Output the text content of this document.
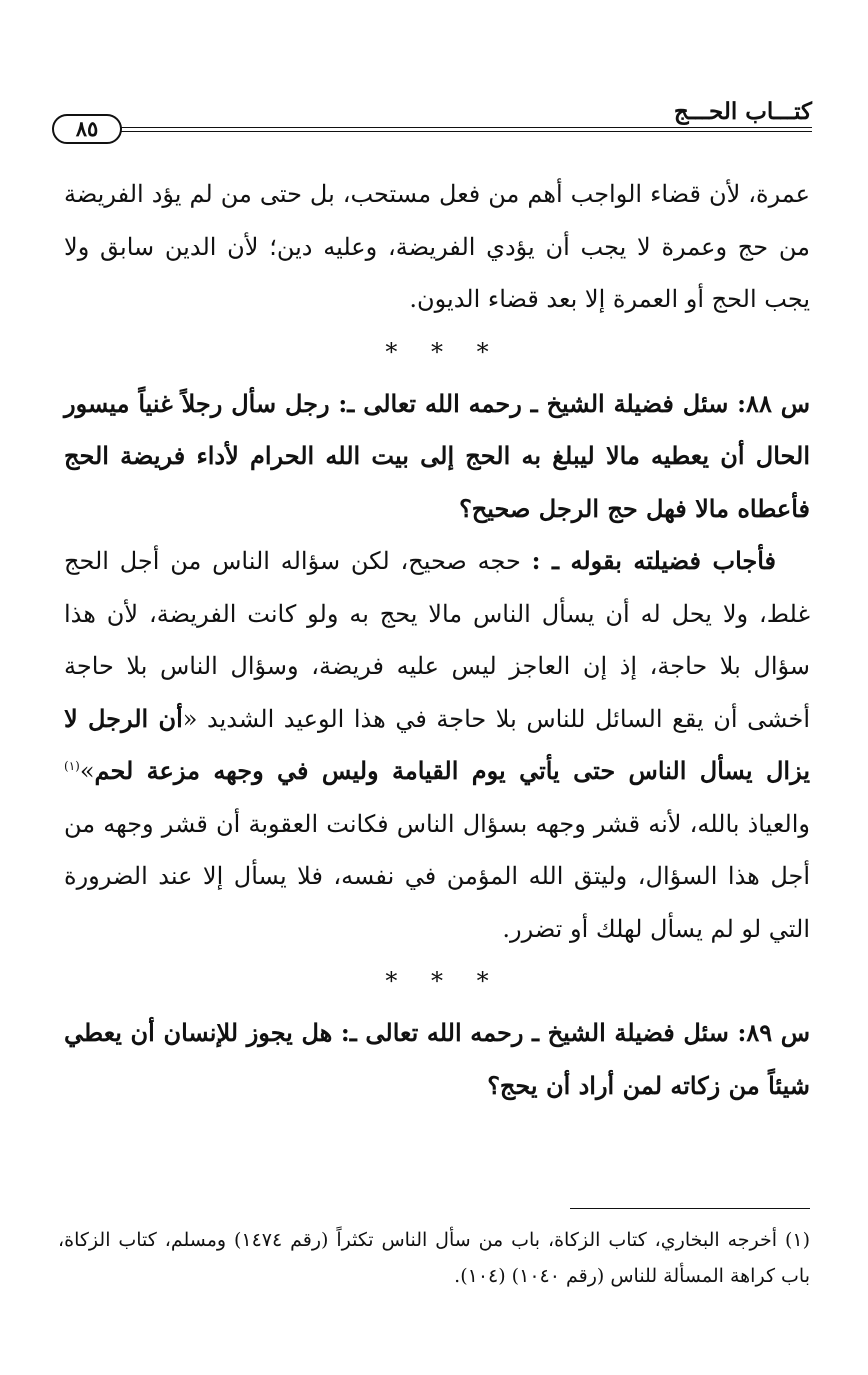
كتـــاب الحـــج
٨٥

عمرة، لأن قضاء الواجب أهم من فعل مستحب، بل حتى من لم يؤد الفريضة من حج وعمرة لا يجب أن يؤدي الفريضة، وعليه دين؛ لأن الدين سابق ولا يجب الحج أو العمرة إلا بعد قضاء الديون.

* * *

س ٨٨: سئل فضيلة الشيخ ـ رحمه الله تعالى ـ: رجل سأل رجلاً غنياً ميسور الحال أن يعطيه مالا ليبلغ به الحج إلى بيت الله الحرام لأداء فريضة الحج فأعطاه مالا فهل حج الرجل صحيح؟

فأجاب فضيلته بقوله ـ : حجه صحيح، لكن سؤاله الناس من أجل الحج غلط، ولا يحل له أن يسأل الناس مالا يحج به ولو كانت الفريضة، لأن هذا سؤال بلا حاجة، إذ إن العاجز ليس عليه فريضة، وسؤال الناس بلا حاجة أخشى أن يقع السائل للناس بلا حاجة في هذا الوعيد الشديد «أن الرجل لا يزال يسأل الناس حتى يأتي يوم القيامة وليس في وجهه مزعة لحم»$^{(١)}$ والعياذ بالله، لأنه قشر وجهه بسؤال الناس فكانت العقوبة أن قشر وجهه من أجل هذا السؤال، وليتق الله المؤمن في نفسه، فلا يسأل إلا عند الضرورة التي لو لم يسأل لهلك أو تضرر.

* * *

س ٨٩: سئل فضيلة الشيخ ـ رحمه الله تعالى ـ: هل يجوز للإنسان أن يعطي شيئاً من زكاته لمن أراد أن يحج؟

(١) أخرجه البخاري، كتاب الزكاة، باب من سأل الناس تكثراً (رقم ١٤٧٤) ومسلم، كتاب الزكاة، باب كراهة المسألة للناس (رقم ١٠٤٠) (١٠٤).
